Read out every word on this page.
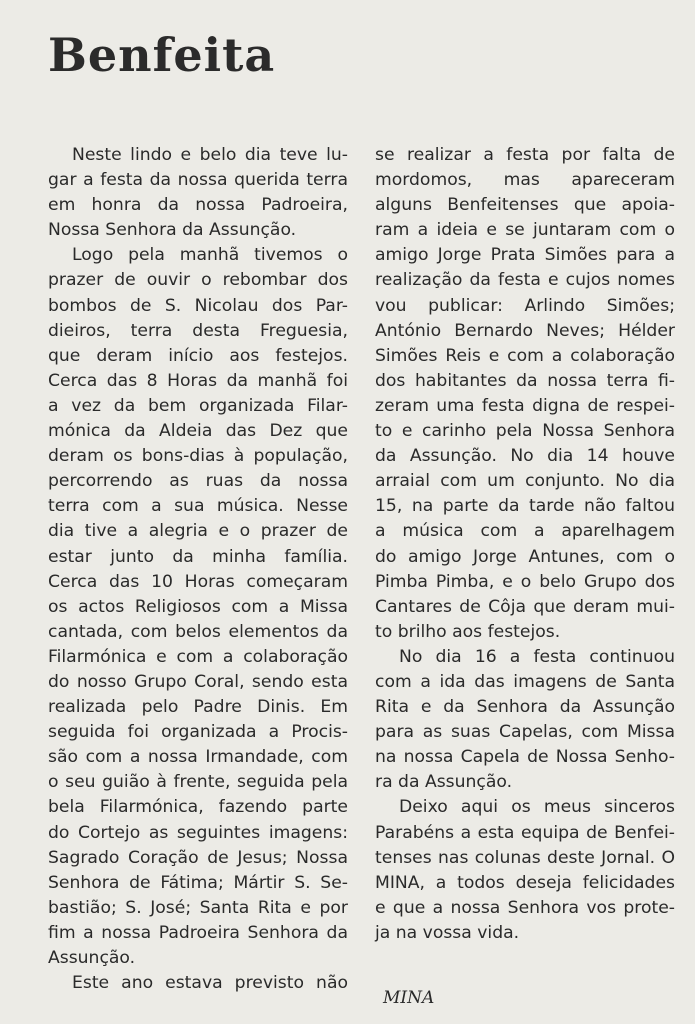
Benfeita
Neste lindo e belo dia teve lu-
gar a festa da nossa querida terra
em honra da nossa Padroeira,
Nossa Senhora da Assunção.
Logo pela manhã tivemos o
prazer de ouvir o rebombar dos
bombos de S. Nicolau dos Par-
dieiros, terra desta Freguesia,
que deram início aos festejos.
Cerca das 8 Horas da manhã foi
a vez da bem organizada Filar-
mónica da Aldeia das Dez que
deram os bons-dias à população,
percorrendo as ruas da nossa
terra com a sua música. Nesse
dia tive a alegria e o prazer de
estar junto da minha família.
Cerca das 10 Horas começaram
os actos Religiosos com a Missa
cantada, com belos elementos da
Filarmónica e com a colaboração
do nosso Grupo Coral, sendo esta
realizada pelo Padre Dinis. Em
seguida foi organizada a Procis-
são com a nossa Irmandade, com
o seu guião à frente, seguida pela
bela Filarmónica, fazendo parte
do Cortejo as seguintes imagens:
Sagrado Coração de Jesus; Nossa
Senhora de Fátima; Mártir S. Se-
bastião; S. José; Santa Rita e por
fim a nossa Padroeira Senhora da
Assunção.
Este ano estava previsto não
se realizar a festa por falta de
mordomos, mas apareceram
alguns Benfeitenses que apoia-
ram a ideia e se juntaram com o
amigo Jorge Prata Simões para a
realização da festa e cujos nomes
vou publicar: Arlindo Simões;
António Bernardo Neves; Hélder
Simões Reis e com a colaboração
dos habitantes da nossa terra fi-
zeram uma festa digna de respei-
to e carinho pela Nossa Senhora
da Assunção. No dia 14 houve
arraial com um conjunto. No dia
15, na parte da tarde não faltou
a música com a aparelhagem
do amigo Jorge Antunes, com o
Pimba Pimba, e o belo Grupo dos
Cantares de Côja que deram mui-
to brilho aos festejos.
No dia 16 a festa continuou
com a ida das imagens de Santa
Rita e da Senhora da Assunção
para as suas Capelas, com Missa
na nossa Capela de Nossa Senho-
ra da Assunção.
Deixo aqui os meus sinceros
Parabéns a esta equipa de Benfei-
tenses nas colunas deste Jornal. O
MINA, a todos deseja felicidades
e que a nossa Senhora vos prote-
ja na vossa vida.
MINA
